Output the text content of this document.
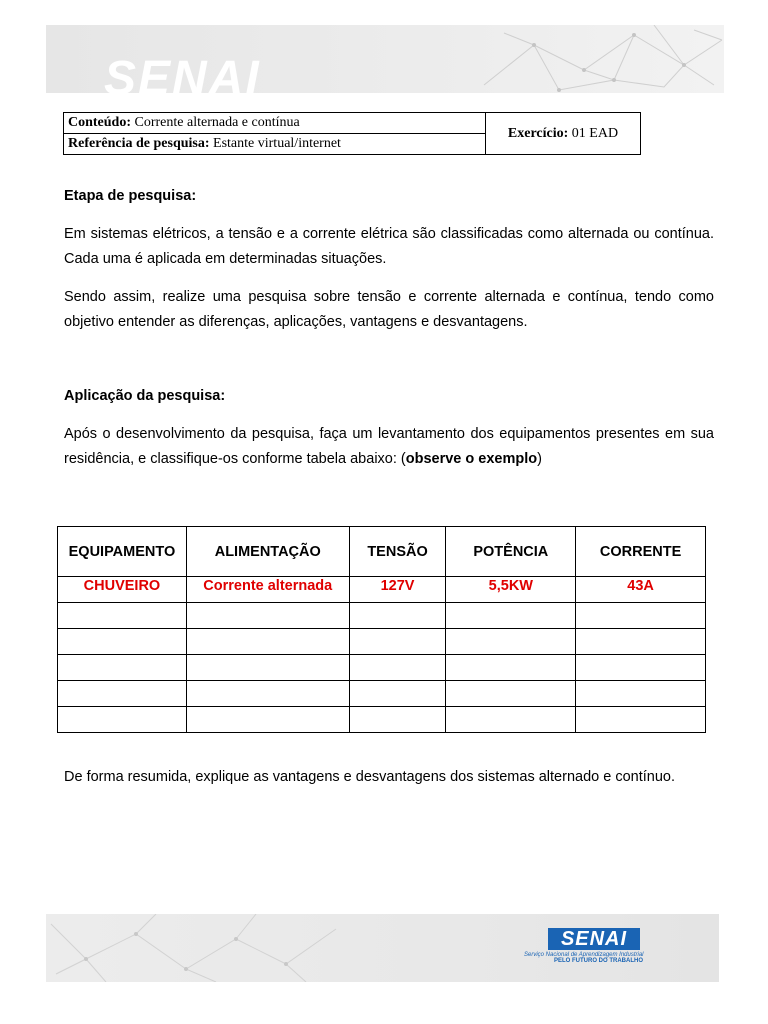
SENAI
Conteúdo: Corrente alternada e contínua	Exercício: 01 EAD
Referência de pesquisa: Estante virtual/internet
Etapa de pesquisa:
Em sistemas elétricos, a tensão e a corrente elétrica são classificadas como alternada ou contínua. Cada uma é aplicada em determinadas situações.
Sendo assim, realize uma pesquisa sobre tensão e corrente alternada e contínua, tendo como objetivo entender as diferenças, aplicações, vantagens e desvantagens.
Aplicação da pesquisa:
Após o desenvolvimento da pesquisa, faça um levantamento dos equipamentos presentes em sua residência, e classifique-os conforme tabela abaixo: (observe o exemplo)
EQUIPAMENTO	ALIMENTAÇÃO	TENSÃO	POTÊNCIA	CORRENTE
CHUVEIRO	Corrente alternada	127V	5,5KW	43A

De forma resumida, explique as vantagens e desvantagens dos sistemas alternado e contínuo.
SENAI
Serviço Nacional de Aprendizagem Industrial
PELO FUTURO DO TRABALHO
